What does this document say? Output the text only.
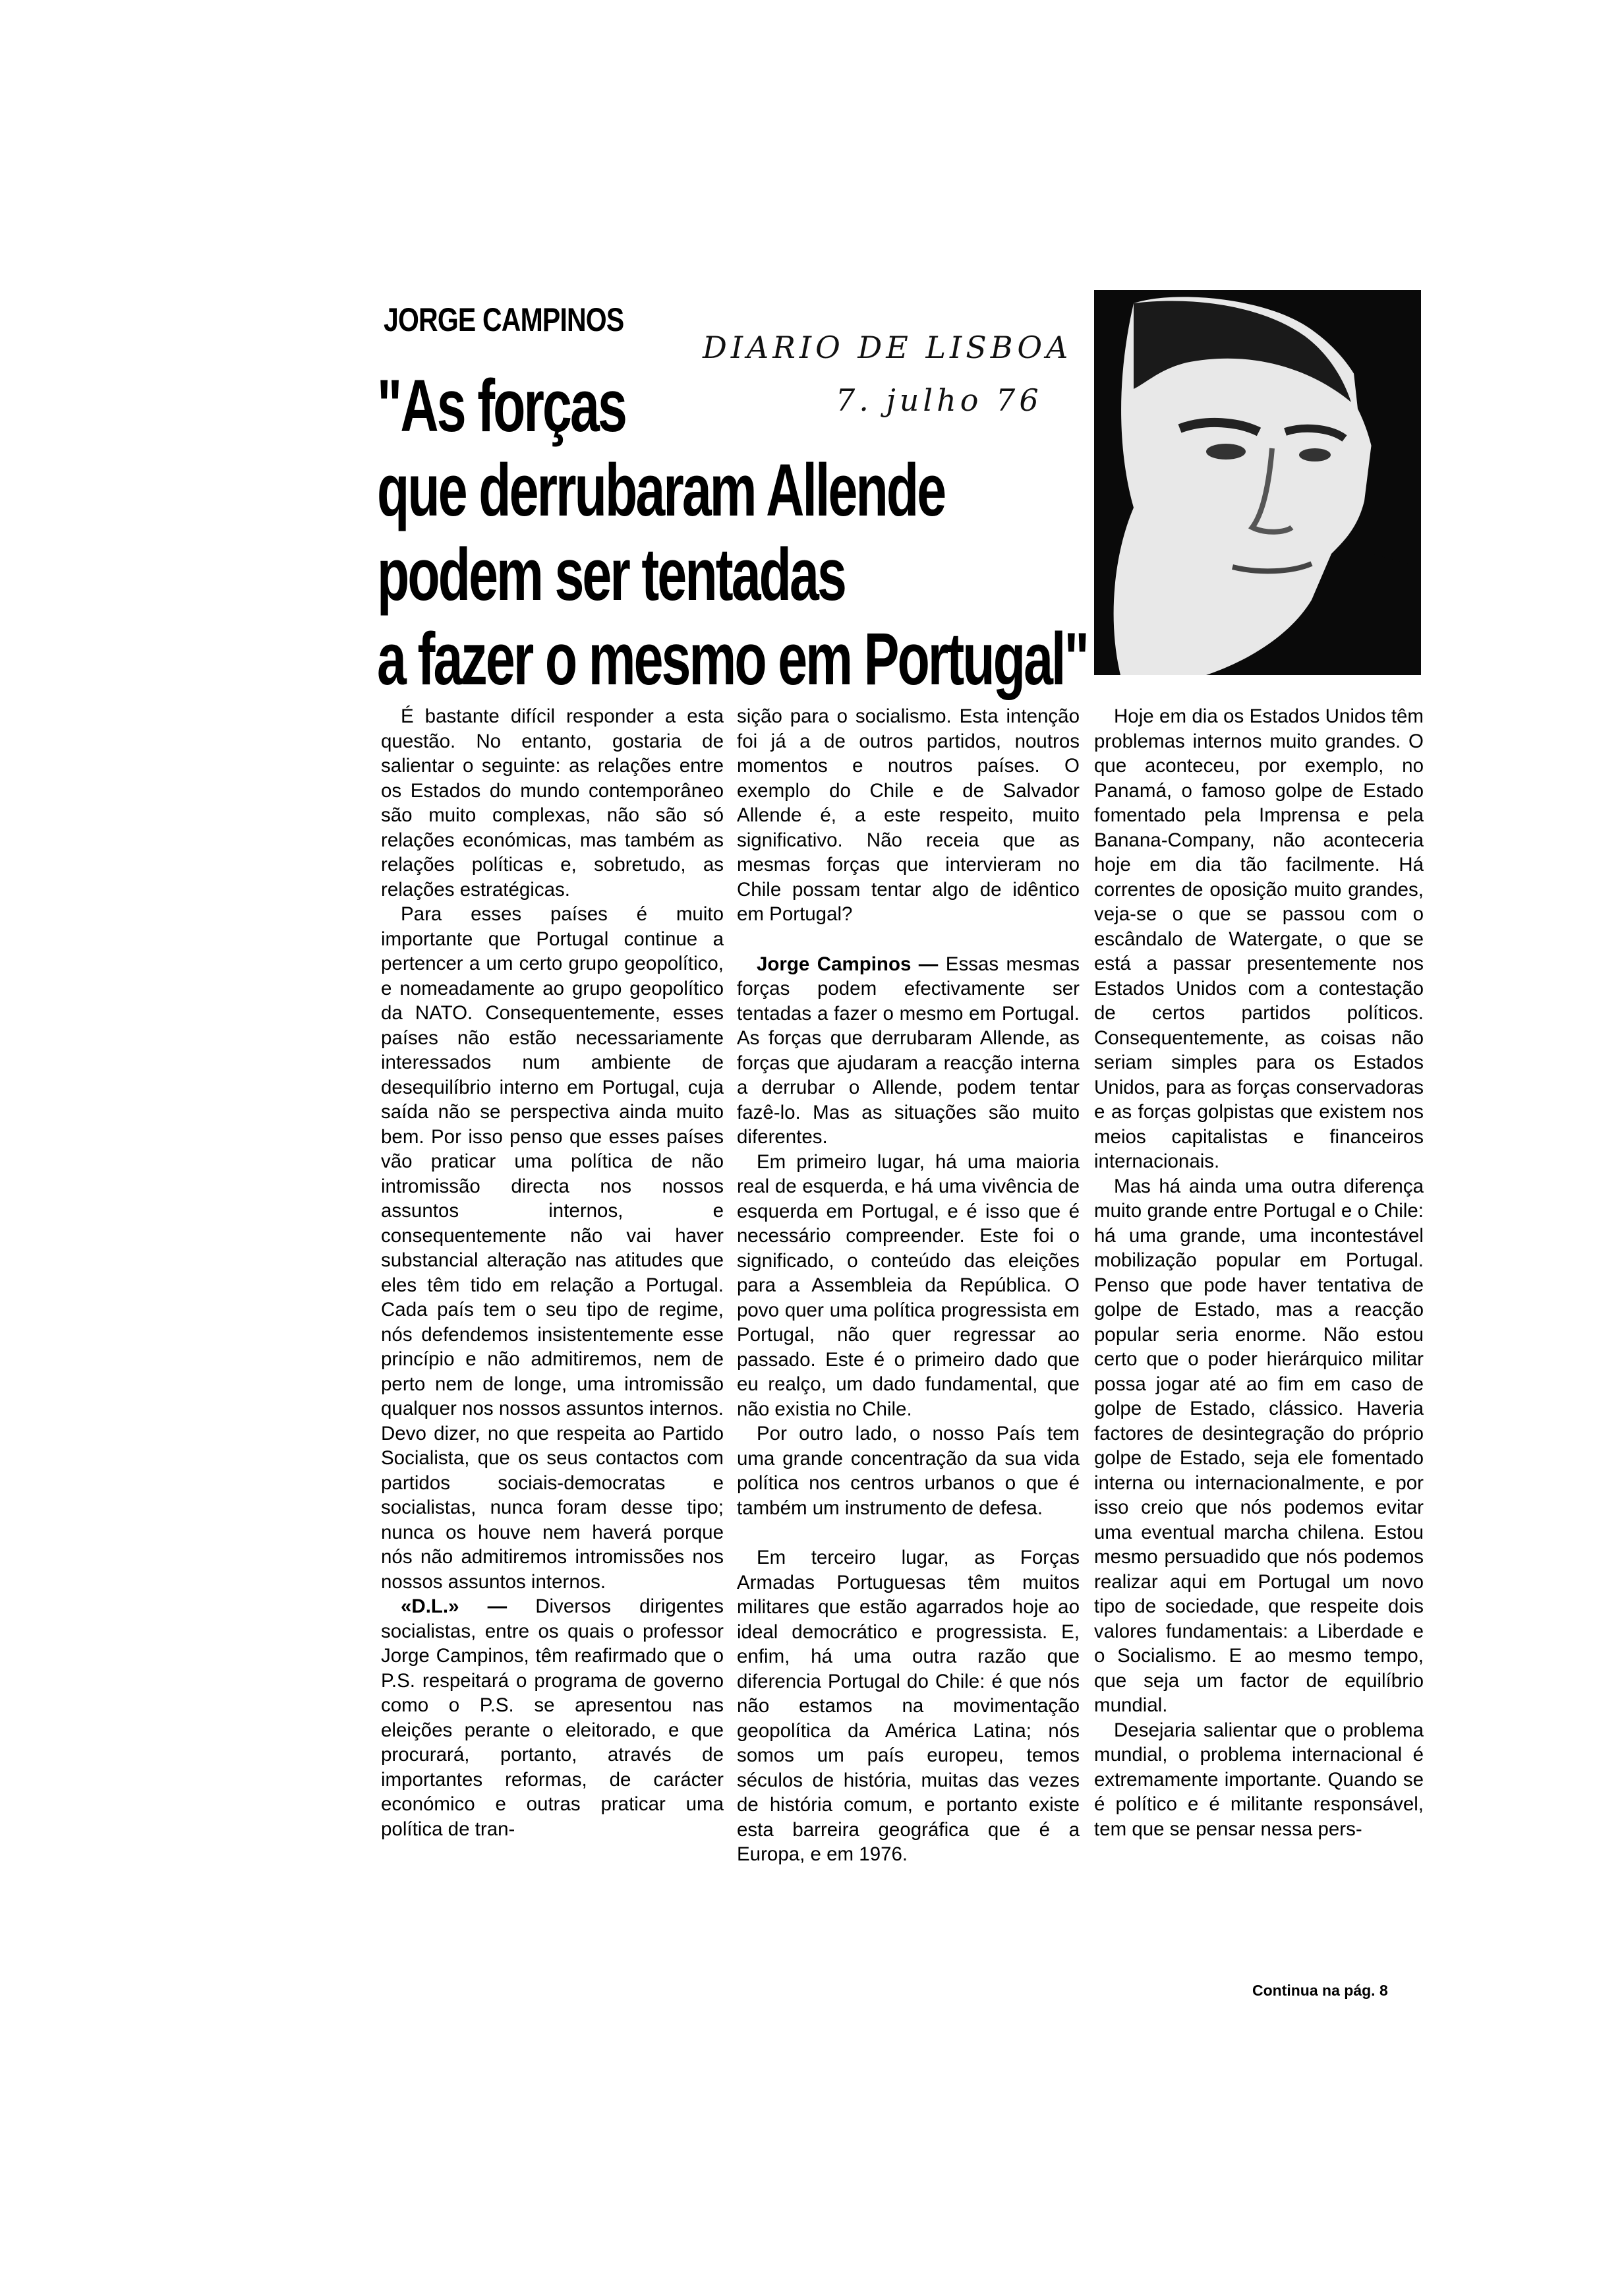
JORGE CAMPINOS
DIARIO DE LISBOA
7. julho 76
"As forças
que derrubaram Allende
podem ser tentadas
a fazer o mesmo em Portugal"

É bastante difícil responder a esta questão. No entanto, gostaria de salientar o seguinte: as relações entre os Estados do mundo contemporâneo são muito complexas, não são só relações económicas, mas também as relações políticas e, sobretudo, as relações estratégicas.

Para esses países é muito importante que Portugal continue a pertencer a um certo grupo geopolítico, e nomeadamente ao grupo geopolítico da NATO. Consequentemente, esses países não estão necessariamente interessados num ambiente de desequilíbrio interno em Portugal, cuja saída não se perspectiva ainda muito bem. Por isso penso que esses países vão praticar uma política de não intromissão directa nos nossos assuntos internos, e consequentemente não vai haver substancial alteração nas atitudes que eles têm tido em relação a Portugal. Cada país tem o seu tipo de regime, nós defendemos insistentemente esse princípio e não admitiremos, nem de perto nem de longe, uma intromissão qualquer nos nossos assuntos internos. Devo dizer, no que respeita ao Partido Socialista, que os seus contactos com partidos sociais-democratas e socialistas, nunca foram desse tipo; nunca os houve nem haverá porque nós não admitiremos intromissões nos nossos assuntos internos.

«D.L.» — Diversos dirigentes socialistas, entre os quais o professor Jorge Campinos, têm reafirmado que o P.S. respeitará o programa de governo como o P.S. se apresentou nas eleições perante o eleitorado, e que procurará, portanto, através de importantes reformas, de carácter económico e outras praticar uma política de tran-

sição para o socialismo. Esta intenção foi já a de outros partidos, noutros momentos e noutros países. O exemplo do Chile e de Salvador Allende é, a este respeito, muito significativo. Não receia que as mesmas forças que intervieram no Chile possam tentar algo de idêntico em Portugal?

Jorge Campinos — Essas mesmas forças podem efectivamente ser tentadas a fazer o mesmo em Portugal. As forças que derrubaram Allende, as forças que ajudaram a reacção interna a derrubar o Allende, podem tentar fazê-lo. Mas as situações são muito diferentes.

Em primeiro lugar, há uma maioria real de esquerda, e há uma vivência de esquerda em Portugal, e é isso que é necessário compreender. Este foi o significado, o conteúdo das eleições para a Assembleia da República. O povo quer uma política progressista em Portugal, não quer regressar ao passado. Este é o primeiro dado que eu realço, um dado fundamental, que não existia no Chile.

Por outro lado, o nosso País tem uma grande concentração da sua vida política nos centros urbanos o que é também um instrumento de defesa.

Em terceiro lugar, as Forças Armadas Portuguesas têm muitos militares que estão agarrados hoje ao ideal democrático e progressista. E, enfim, há uma outra razão que diferencia Portugal do Chile: é que nós não estamos na movimentação geopolítica da América Latina; nós somos um país europeu, temos séculos de história, muitas das vezes de história comum, e portanto existe esta barreira geográfica que é a Europa, e em 1976.

Hoje em dia os Estados Unidos têm problemas internos muito grandes. O que aconteceu, por exemplo, no Panamá, o famoso golpe de Estado fomentado pela Imprensa e pela Banana-Company, não aconteceria hoje em dia tão facilmente. Há correntes de oposição muito grandes, veja-se o que se passou com o escândalo de Watergate, o que se está a passar presentemente nos Estados Unidos com a contestação de certos partidos políticos. Consequentemente, as coisas não seriam simples para os Estados Unidos, para as forças conservadoras e as forças golpistas que existem nos meios capitalistas e financeiros internacionais.

Mas há ainda uma outra diferença muito grande entre Portugal e o Chile: há uma grande, uma incontestável mobilização popular em Portugal. Penso que pode haver tentativa de golpe de Estado, mas a reacção popular seria enorme. Não estou certo que o poder hierárquico militar possa jogar até ao fim em caso de golpe de Estado, clássico. Haveria factores de desintegração do próprio golpe de Estado, seja ele fomentado interna ou internacionalmente, e por isso creio que nós podemos evitar uma eventual marcha chilena. Estou mesmo persuadido que nós podemos realizar aqui em Portugal um novo tipo de sociedade, que respeite dois valores fundamentais: a Liberdade e o Socialismo. E ao mesmo tempo, que seja um factor de equilíbrio mundial.

Desejaria salientar que o problema mundial, o problema internacional é extremamente importante. Quando se é político e é militante responsável, tem que se pensar nessa pers-

Continua na pág. 8
